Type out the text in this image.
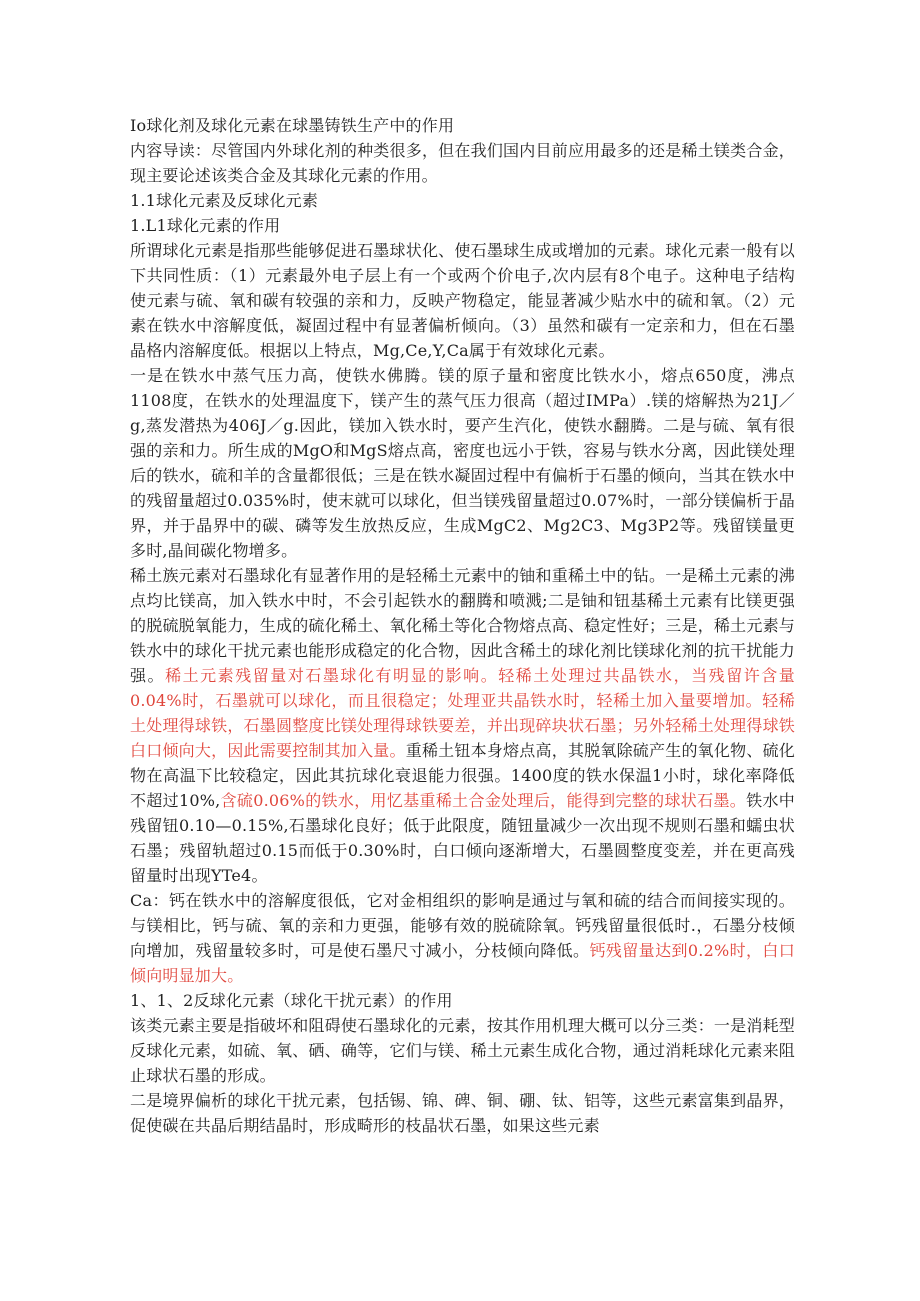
Io球化剂及球化元素在球墨铸铁生产中的作用

内容导读：尽管国内外球化剂的种类很多，但在我们国内目前应用最多的还是稀土镁类合金，现主要论述该类合金及其球化元素的作用。

1.1球化元素及反球化元素

1.L1球化元素的作用

所谓球化元素是指那些能够促进石墨球状化、使石墨球生成或增加的元素。球化元素一般有以下共同性质：（1）元素最外电子层上有一个或两个价电子,次内层有8个电子。这种电子结构使元素与硫、氧和碳有较强的亲和力，反映产物稳定，能显著减少贴水中的硫和氧。（2）元素在铁水中溶解度低，凝固过程中有显著偏析倾向。（3）虽然和碳有一定亲和力，但在石墨晶格内溶解度低。根据以上特点，Mg,Ce,Y,Ca属于有效球化元素。

一是在铁水中蒸气压力高，使铁水佛腾。镁的原子量和密度比铁水小，熔点650度，沸点1108度，在铁水的处理温度下，镁产生的蒸气压力很高（超过IMPa）.镁的熔解热为21J／g,蒸发潜热为406J／g.因此，镁加入铁水时，要产生汽化，使铁水翻腾。二是与硫、氧有很强的亲和力。所生成的MgO和MgS熔点高，密度也远小于铁，容易与铁水分离，因此镁处理后的铁水，硫和羊的含量都很低；三是在铁水凝固过程中有偏析于石墨的倾向，当其在铁水中的残留量超过0.035%时，使末就可以球化，但当镁残留量超过0.07%时，一部分镁偏析于晶界，并于晶界中的碳、磷等发生放热反应，生成MgC2、Mg2C3、Mg3P2等。残留镁量更多时,晶间碳化物增多。

稀土族元素对石墨球化有显著作用的是轻稀土元素中的铀和重稀土中的钻。一是稀土元素的沸点均比镁高，加入铁水中时，不会引起铁水的翻腾和喷溅;二是铀和钮基稀土元素有比镁更强的脱硫脱氧能力，生成的硫化稀土、氧化稀土等化合物熔点高、稳定性好；三是，稀土元素与铁水中的球化干扰元素也能形成稳定的化合物，因此含稀土的球化剂比镁球化剂的抗干扰能力强。稀土元素残留量对石墨球化有明显的影响。轻稀土处理过共晶铁水，当残留许含量0.04%时，石墨就可以球化，而且很稳定；处理亚共晶铁水时，轻稀土加入量要增加。轻稀土处理得球铁，石墨圆整度比镁处理得球铁要差，并出现碎块状石墨；另外轻稀土处理得球铁白口倾向大，因此需要控制其加入量。重稀土钮本身熔点高，其脱氧除硫产生的氧化物、硫化物在高温下比较稳定，因此其抗球化衰退能力很强。1400度的铁水保温1小时，球化率降低不超过10%,含硫0.06%的铁水，用忆基重稀土合金处理后，能得到完整的球状石墨。铁水中残留钮0.10—0.15%,石墨球化良好；低于此限度，随钮量减少一次出现不规则石墨和蠕虫状石墨；残留轨超过0.15而低于0.30%时，白口倾向逐渐增大，石墨圆整度变差，并在更高残留量时出现YTe4。

Ca：钙在铁水中的溶解度很低，它对金相组织的影响是通过与氧和硫的结合而间接实现的。与镁相比，钙与硫、氧的亲和力更强，能够有效的脱硫除氧。钙残留量很低时.，石墨分枝倾向增加，残留量较多时，可是使石墨尺寸减小，分枝倾向降低。钙残留量达到0.2%时，白口倾向明显加大。

1、1、2反球化元素（球化干扰元素）的作用

该类元素主要是指破坏和阻碍使石墨球化的元素，按其作用机理大概可以分三类：一是消耗型反球化元素，如硫、氧、硒、确等，它们与镁、稀土元素生成化合物，通过消耗球化元素来阻止球状石墨的形成。

二是境界偏析的球化干扰元素，包括锡、锦、碑、铜、硼、钛、铝等，这些元素富集到晶界，促使碳在共晶后期结晶时，形成畸形的枝晶状石墨，如果这些元素
